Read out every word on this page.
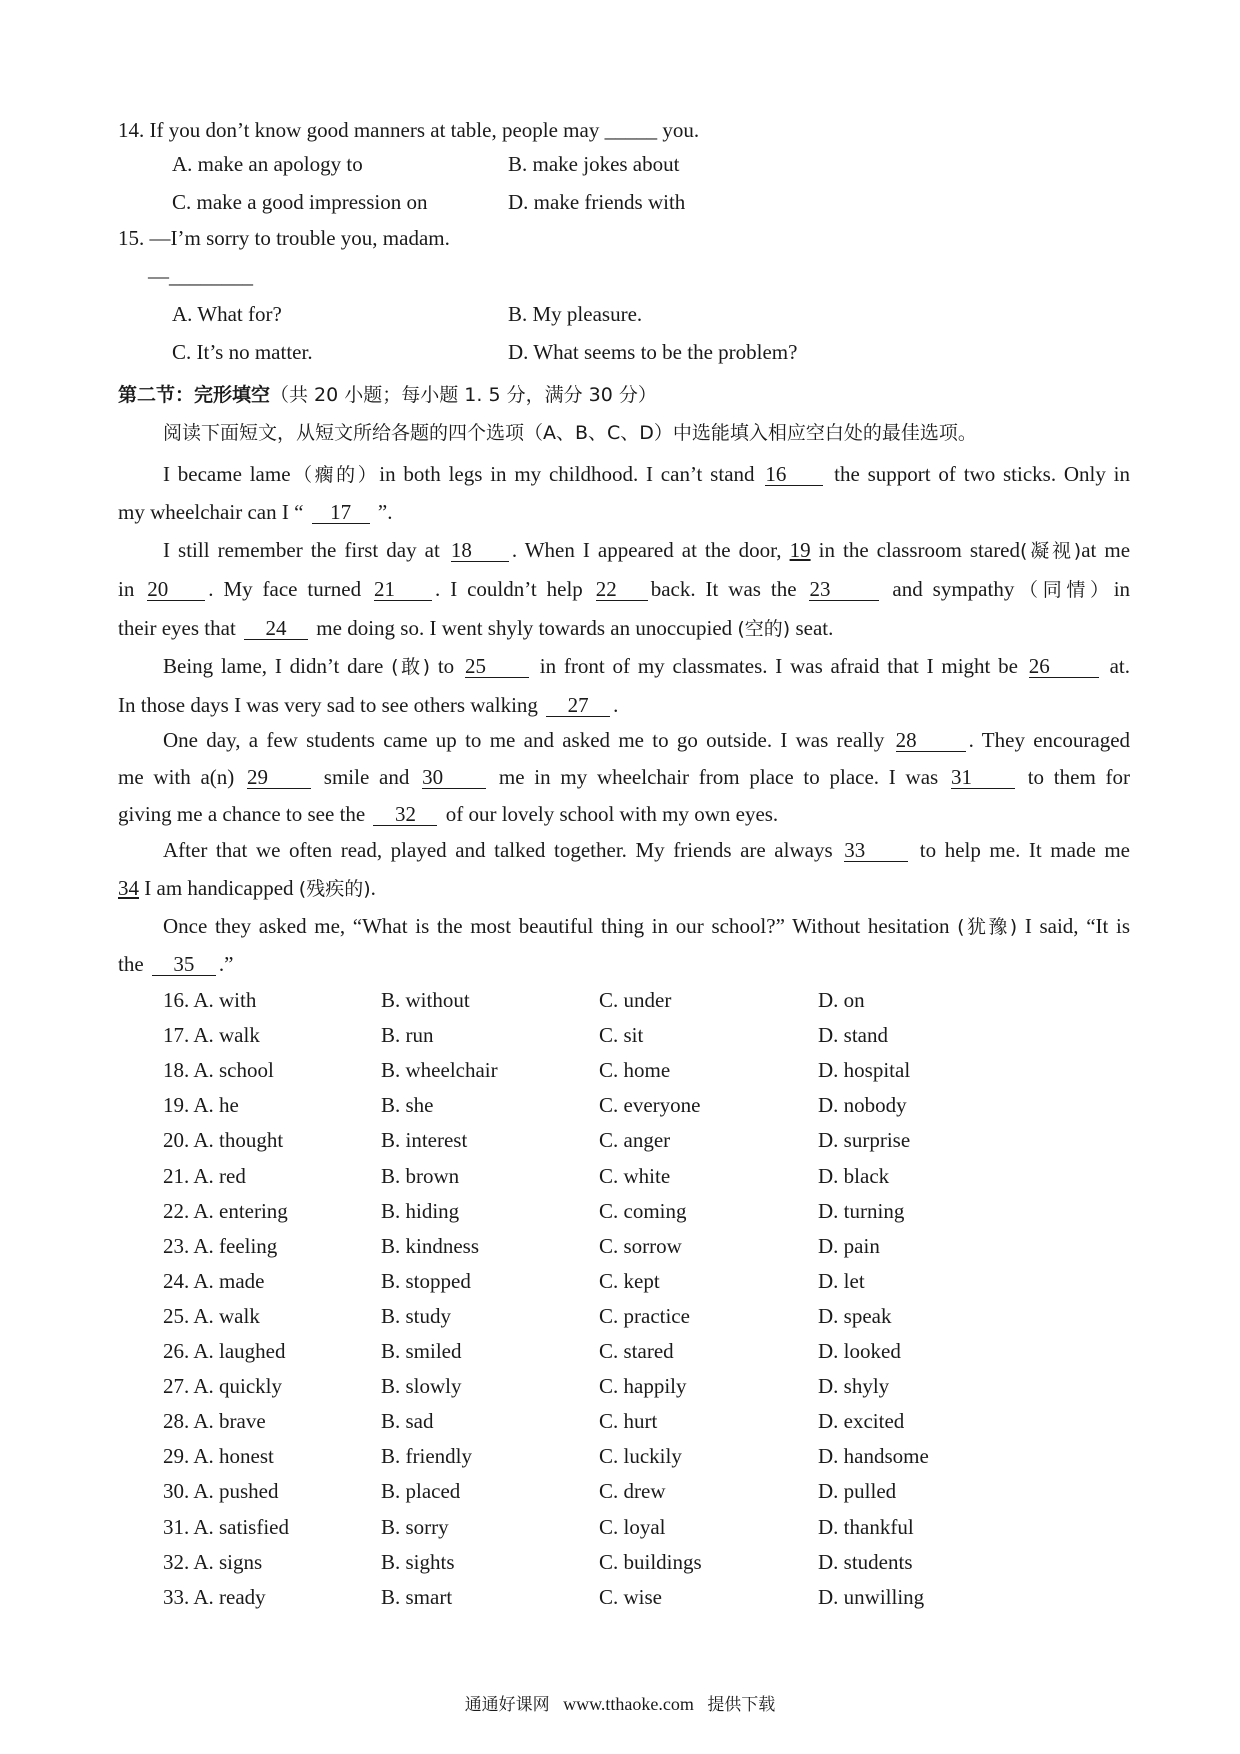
14. If you don’t know good manners at table, people may _____ you.
A. make an apology to	B. make jokes about
C. make a good impression on	D. make friends with
15. —I’m sorry to trouble you, madam.
—________
A. What for?	B. My pleasure.
C. It’s no matter.	D. What seems to be the problem?
第二节：完形填空（共 20 小题；每小题 1. 5 分，满分 30 分）
阅读下面短文，从短文所给各题的四个选项（A、B、C、D）中选能填入相应空白处的最佳选项。
I became lame（瘸的）in both legs in my childhood. I can’t stand 16 the support of two sticks. Only in
my wheelchair can I “ 17 ”.
I still remember the first day at 18 . When I appeared at the door, 19 in the classroom stared(凝视)at me
in 20 . My face turned 21 . I couldn’t help 22 back. It was the 23	and sympathy（同情）in
their eyes that 24 me doing so. I went shyly towards an unoccupied (空的) seat.
Being lame, I didn’t dare (敢) to 25	in front of my classmates. I was afraid that I might be 26	at.
In those days I was very sad to see others walking 27 .
One day, a few students came up to me and asked me to go outside. I was really 28 . They encouraged
me with a(n) 29	smile and 30	me in my wheelchair from place to place. I was 31	to them for
giving me a chance to see the 32 of our lovely school with my own eyes.
After that we often read, played and talked together. My friends are always 33	to help me. It made me
34 I am handicapped (残疾的).
Once they asked me, “What is the most beautiful thing in our school?” Without hesitation (犹豫) I said, “It is
the 35 .”
16. A. with	B. without	C. under	D. on
17. A. walk	B. run	C. sit	D. stand
18. A. school	B. wheelchair	C. home	D. hospital
19. A. he	B. she	C. everyone	D. nobody
20. A. thought	B. interest	C. anger	D. surprise
21. A. red	B. brown	C. white	D. black
22. A. entering	B. hiding	C. coming	D. turning
23. A. feeling	B. kindness	C. sorrow	D. pain
24. A. made	B. stopped	C. kept	D. let
25. A. walk	B. study	C. practice	D. speak
26. A. laughed	B. smiled	C. stared	D. looked
27. A. quickly	B. slowly	C. happily	D. shyly
28. A. brave	B. sad	C. hurt	D. excited
29. A. honest	B. friendly	C. luckily	D. handsome
30. A. pushed	B. placed	C. drew	D. pulled
31. A. satisfied	B. sorry	C. loyal	D. thankful
32. A. signs	B. sights	C. buildings	D. students
33. A. ready	B. smart	C. wise	D. unwilling
通通好课网 www.tthaoke.com 提供下载
